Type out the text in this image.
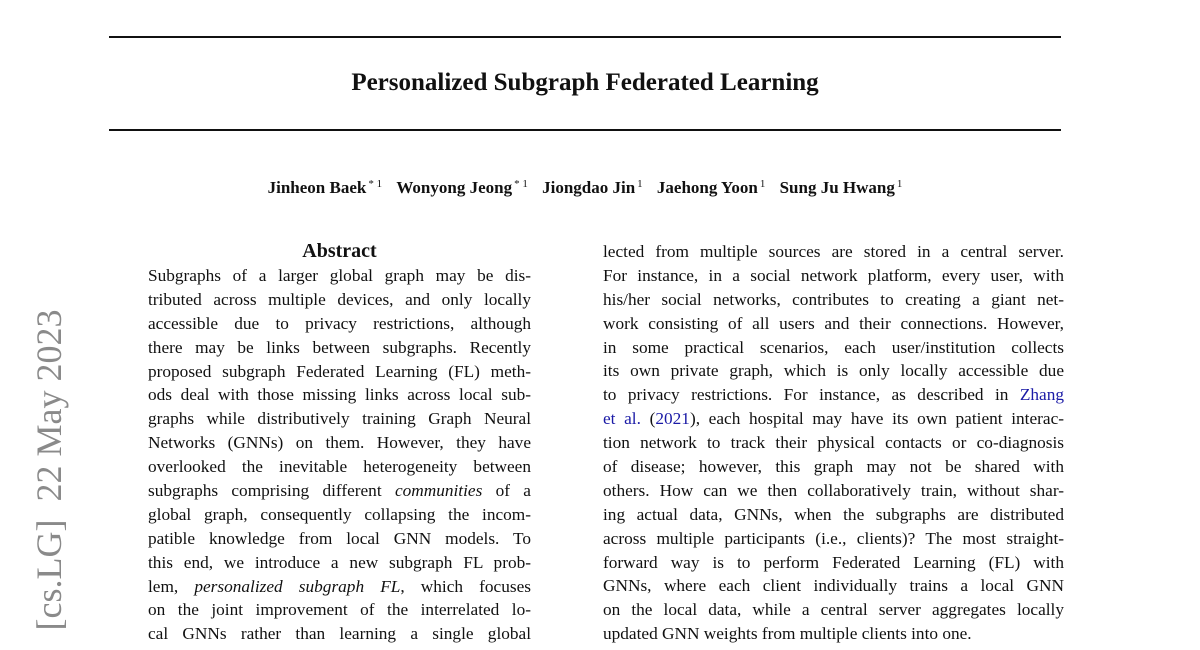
Personalized Subgraph Federated Learning
Jinheon Baek $^{* 1}$ Wonyong Jeong $^{* 1}$ Jiongdao Jin $^1$ Jaehong Yoon $^1$ Sung Ju Hwang $^1$
[cs.LG]  22 May 2023
Abstract
Subgraphs of a larger global graph may be dis-
tributed across multiple devices, and only locally
accessible due to privacy restrictions, although
there may be links between subgraphs. Recently
proposed subgraph Federated Learning (FL) meth-
ods deal with those missing links across local sub-
graphs while distributively training Graph Neural
Networks (GNNs) on them. However, they have
overlooked the inevitable heterogeneity between
subgraphs comprising different communities of a
global graph, consequently collapsing the incom-
patible knowledge from local GNN models. To
this end, we introduce a new subgraph FL prob-
lem, personalized subgraph FL, which focuses
on the joint improvement of the interrelated lo-
cal GNNs rather than learning a single global
lected from multiple sources are stored in a central server.
For instance, in a social network platform, every user, with
his/her social networks, contributes to creating a giant net-
work consisting of all users and their connections. However,
in some practical scenarios, each user/institution collects
its own private graph, which is only locally accessible due
to privacy restrictions. For instance, as described in Zhang
et al. (2021), each hospital may have its own patient interac-
tion network to track their physical contacts or co-diagnosis
of disease; however, this graph may not be shared with
others. How can we then collaboratively train, without shar-
ing actual data, GNNs, when the subgraphs are distributed
across multiple participants (i.e., clients)? The most straight-
forward way is to perform Federated Learning (FL) with
GNNs, where each client individually trains a local GNN
on the local data, while a central server aggregates locally
updated GNN weights from multiple clients into one.
